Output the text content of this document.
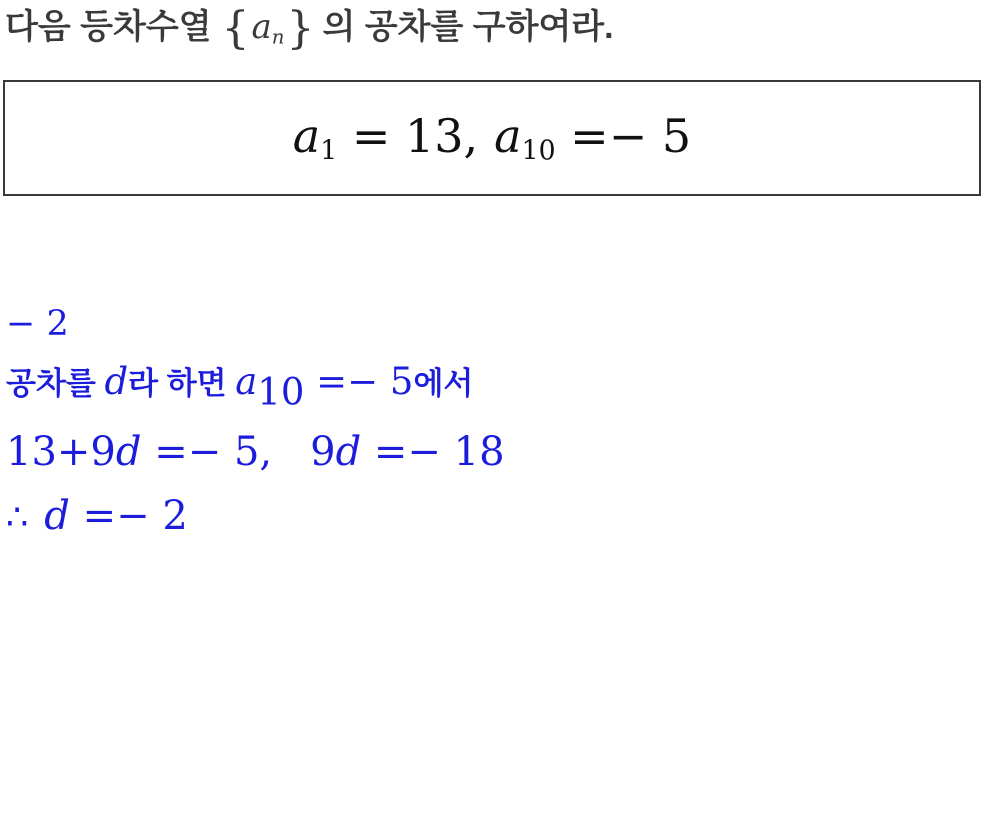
다음 등차수열 {an} 의 공차를 구하여라.
a1 = 13, a10 =− 5
− 2
공차를 d라 하면 a10 =− 5에서
13+9d =− 5, 9d =− 18
∴ d =− 2
